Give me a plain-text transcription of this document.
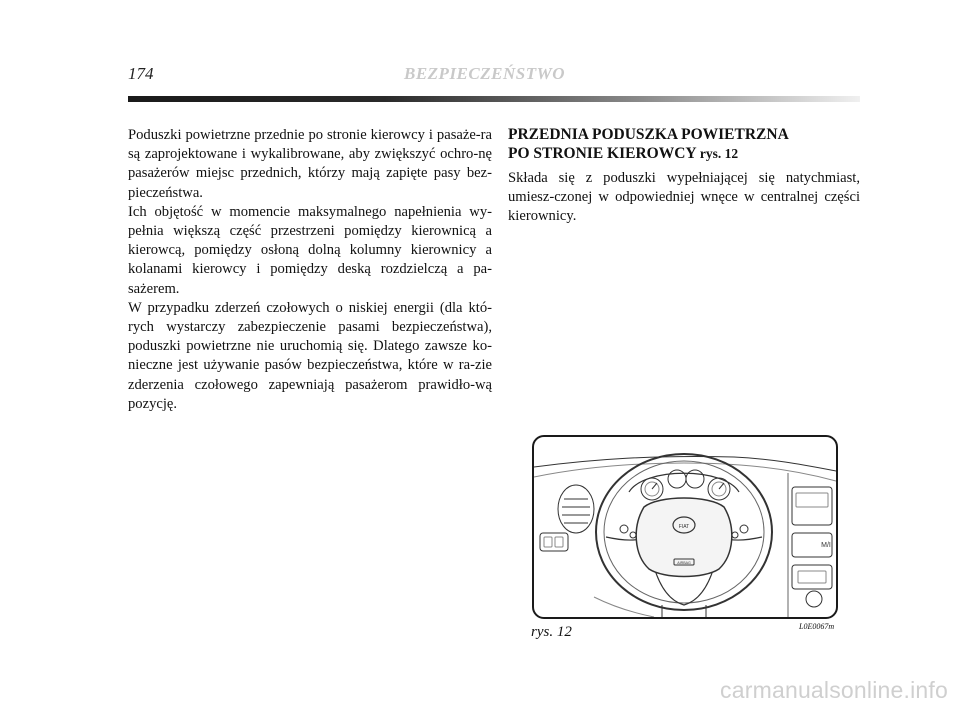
174	BEZPIECZEŃSTWO

Poduszki powietrzne przednie po stronie kierowcy i pasaże-ra są zaprojektowane i wykalibrowane, aby zwiększyć ochro-nę pasażerów miejsc przednich, którzy mają zapięte pasy bez-pieczeństwa.

Ich objętość w momencie maksymalnego napełnienia wy-pełnia większą część przestrzeni pomiędzy kierownicą a kierowcą, pomiędzy osłoną dolną kolumny kierownicy a kolanami kierowcy i pomiędzy deską rozdzielczą a pa-sażerem.

W przypadku zderzeń czołowych o niskiej energii (dla któ-rych wystarczy zabezpieczenie pasami bezpieczeństwa), poduszki powietrzne nie uruchomią się. Dlatego zawsze ko-nieczne jest używanie pasów bezpieczeństwa, które w ra-zie zderzenia czołowego zapewniają pasażerom prawidło-wą pozycję.

PRZEDNIA PODUSZKA POWIETRZNA
PO STRONIE KIEROWCY rys. 12

Składa się z poduszki wypełniającej się natychmiast, umiesz-czonej w odpowiedniej wnęce w centralnej części kierownicy.

FIAT
AIRBAG
M/I
rys. 12	L0E0067m
carmanualsonline.info
